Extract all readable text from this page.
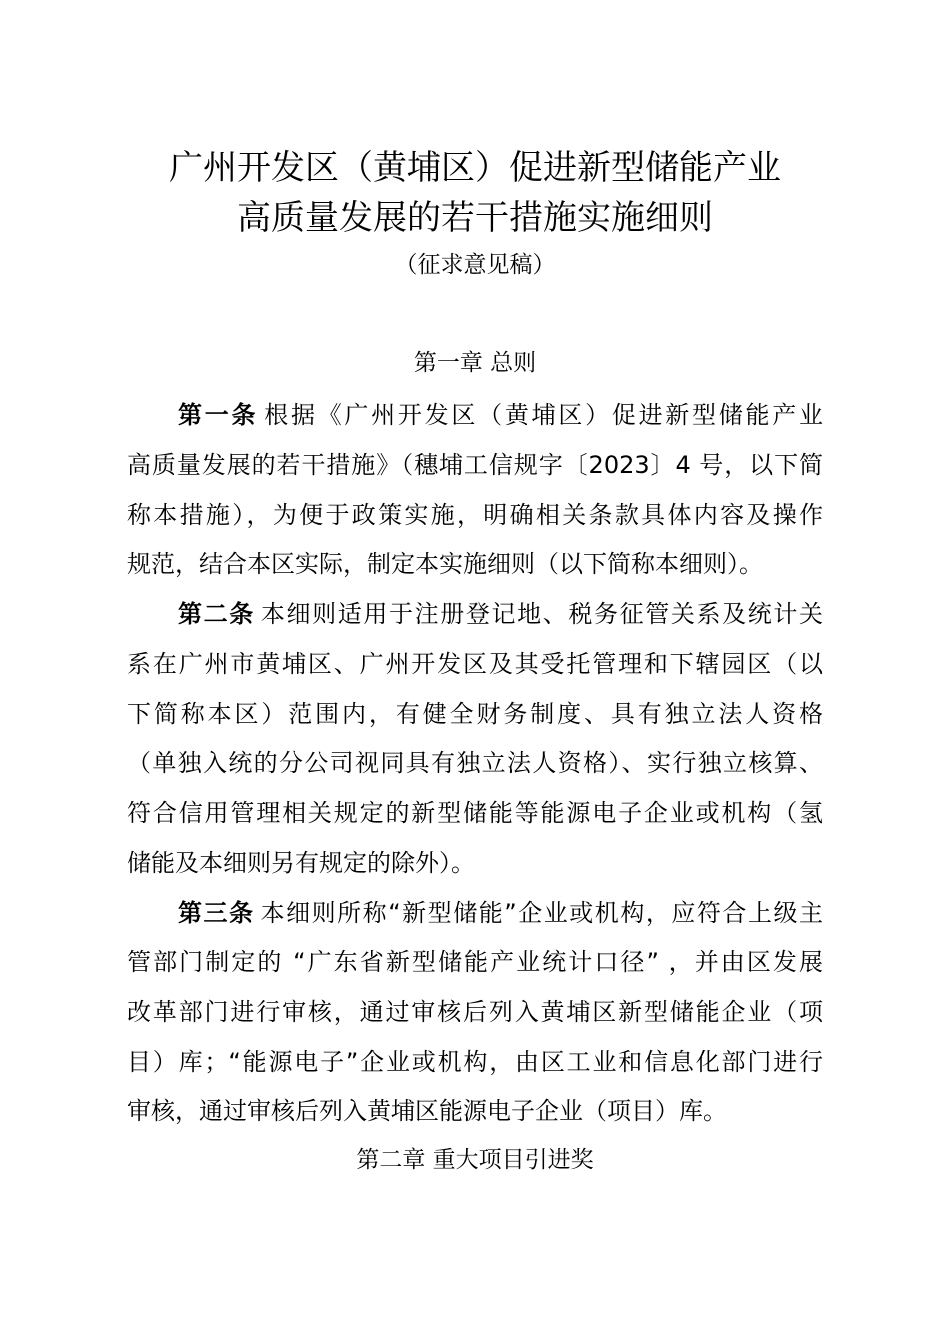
广州开发区（黄埔区）促进新型储能产业
高质量发展的若干措施实施细则
（征求意见稿）
第一章 总则
第一条 根据《广州开发区（黄埔区）促进新型储能产业
高质量发展的若干措施》（穗埔工信规字〔2023〕4 号，以下简
称本措施），为便于政策实施，明确相关条款具体内容及操作
规范，结合本区实际，制定本实施细则（以下简称本细则）。
第二条 本细则适用于注册登记地、税务征管关系及统计关
系在广州市黄埔区、广州开发区及其受托管理和下辖园区（以
下简称本区）范围内，有健全财务制度、具有独立法人资格
（单独入统的分公司视同具有独立法人资格）、实行独立核算、
符合信用管理相关规定的新型储能等能源电子企业或机构（氢
储能及本细则另有规定的除外）。
第三条 本细则所称“新型储能”企业或机构，应符合上级主
管部门制定的 “广东省新型储能产业统计口径” ，并由区发展
改革部门进行审核，通过审核后列入黄埔区新型储能企业（项
目）库；“能源电子”企业或机构，由区工业和信息化部门进行
审核，通过审核后列入黄埔区能源电子企业（项目）库。
第二章 重大项目引进奖
